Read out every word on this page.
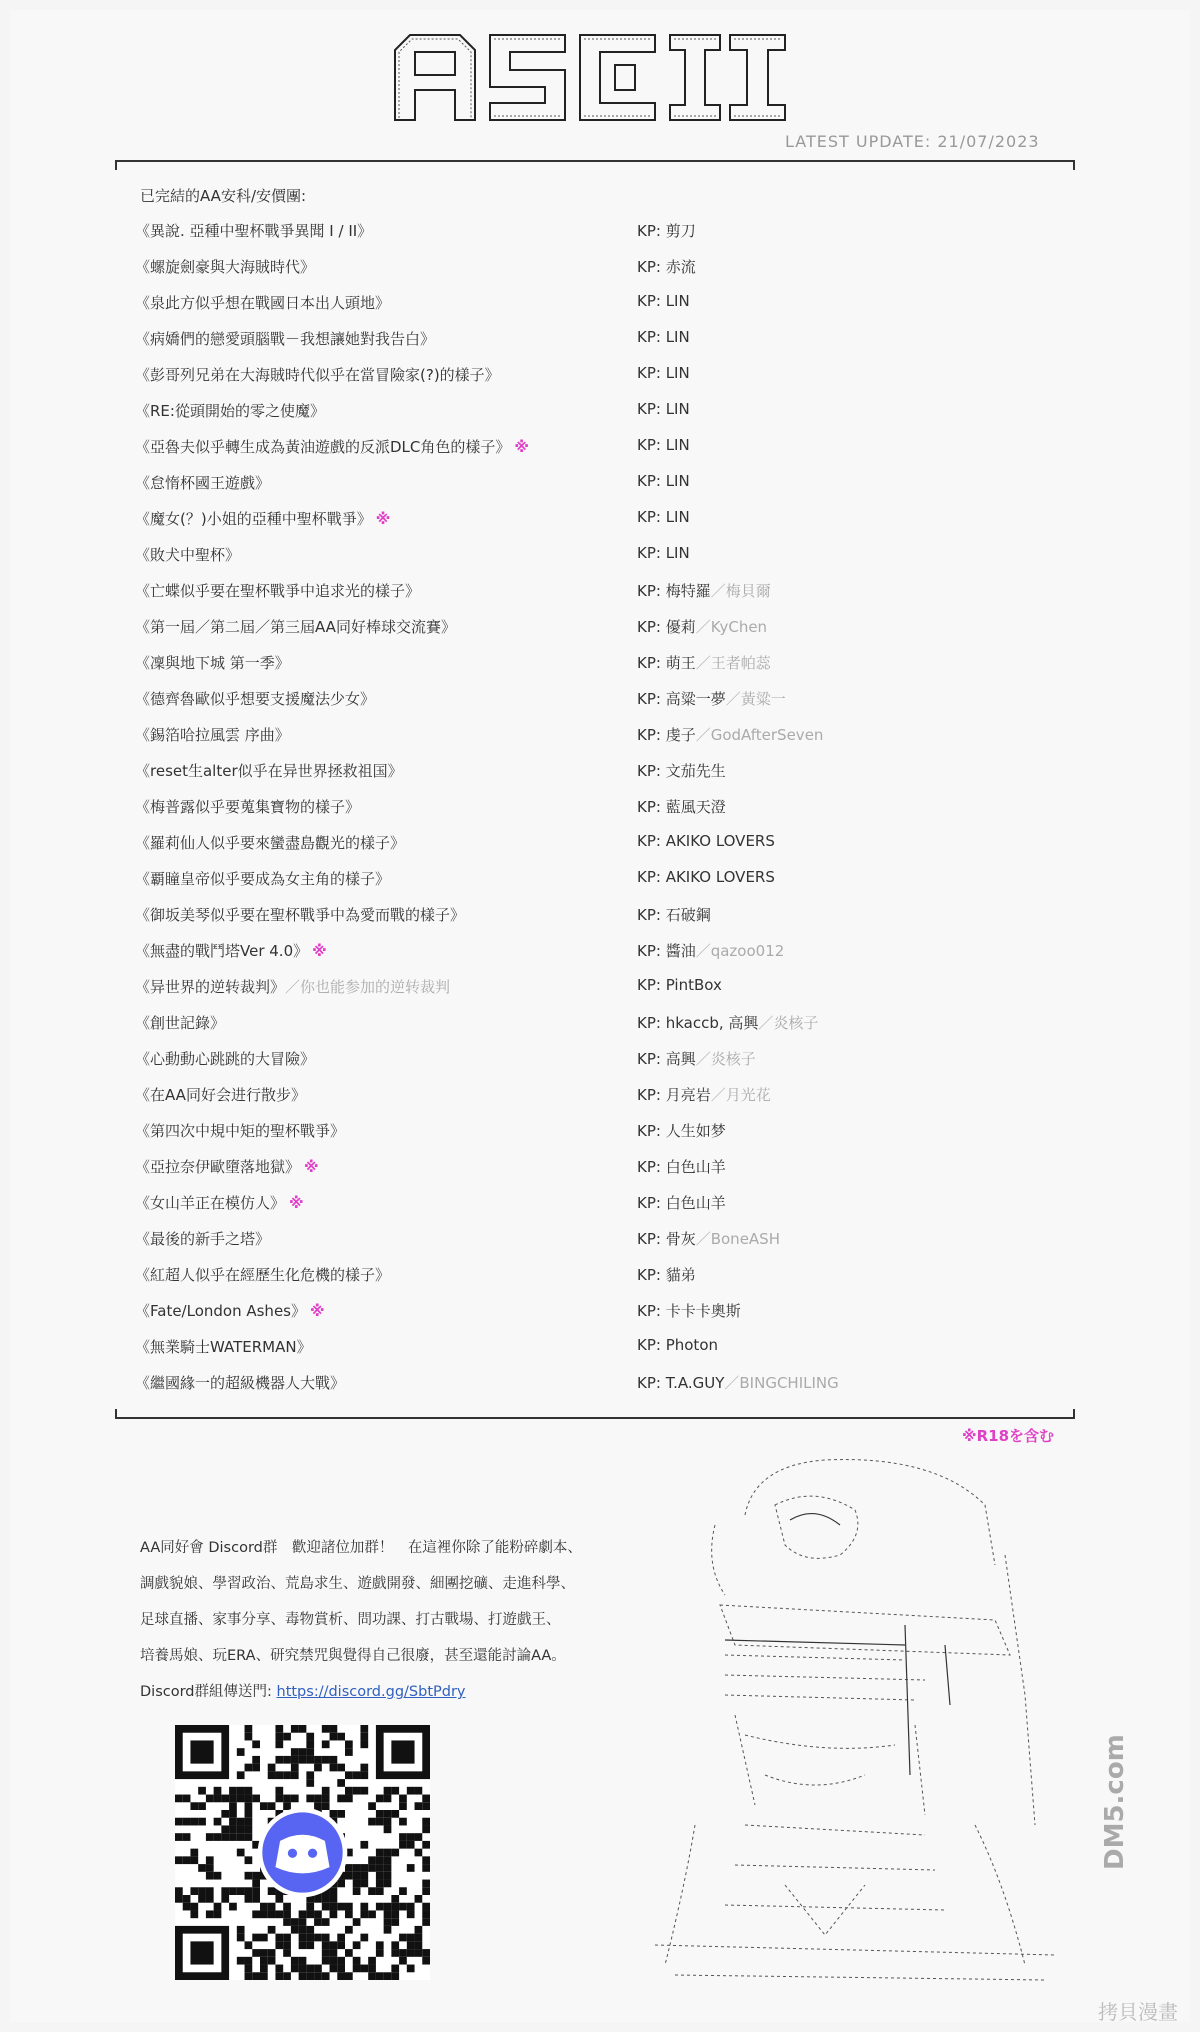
LATEST UPDATE: 21/07/2023
已完結的AA安科/安價團:
《異說. 亞種中聖杯戰爭異聞 I / II》	KP: 剪刀
《螺旋劍豪與大海賊時代》	KP: 赤流
《泉此方似乎想在戰國日本出人頭地》	KP: LIN
《病嬌們的戀愛頭腦戰－我想讓她對我告白》	KP: LIN
《彭哥列兄弟在大海賊時代似乎在當冒險家(?)的樣子》	KP: LIN
《RE:從頭開始的零之使魔》	KP: LIN
《亞魯夫似乎轉生成為黃油遊戲的反派DLC角色的樣子》 ※	KP: LIN
《怠惰杯國王遊戲》	KP: LIN
《魔女(？)小姐的亞種中聖杯戰爭》 ※	KP: LIN
《敗犬中聖杯》	KP: LIN
《亡蝶似乎要在聖杯戰爭中追求光的樣子》	KP: 梅特羅／梅貝爾
《第一屆／第二屆／第三屆AA同好棒球交流賽》	KP: 優莉／KyChen
《凜與地下城 第一季》	KP: 萌王／王者帕蕊
《德齊魯歐似乎想要支援魔法少女》	KP: 高粱一夢／黃粱一
《錫箔哈拉風雲 序曲》	KP: 虔子／GodAfterSeven
《reset生alter似乎在异世界拯救祖国》	KP: 文茄先生
《梅普露似乎要蒐集寶物的樣子》	KP: 藍風天澄
《羅莉仙人似乎要來蠻盡島觀光的樣子》	KP: AKIKO LOVERS
《覇瞳皇帝似乎要成為女主角的樣子》	KP: AKIKO LOVERS
《御坂美琴似乎要在聖杯戰爭中為愛而戰的樣子》	KP: 石破鋼
《無盡的戰鬥塔Ver 4.0》 ※	KP: 醬油／qazoo012
《异世界的逆转裁判》／你也能参加的逆转裁判	KP: PintBox
《創世記錄》	KP: hkaccb, 高興／炎核子
《心動動心跳跳的大冒險》	KP: 高興／炎核子
《在AA同好会进行散步》	KP: 月亮岩／月光花
《第四次中規中矩的聖杯戰爭》	KP: 人生如梦
《亞拉奈伊歐墮落地獄》 ※	KP: 白色山羊
《女山羊正在模仿人》 ※	KP: 白色山羊
《最後的新手之塔》	KP: 骨灰／BoneASH
《紅超人似乎在經歷生化危機的樣子》	KP: 貓弟
《Fate/London Ashes》 ※	KP: 卡卡卡奧斯
《無業騎士WATERMAN》	KP: Photon
《繼國緣一的超級機器人大戰》	KP: T.A.GUY／BINGCHILING
※R18を含む
AA同好會 Discord群　歡迎諸位加群！　在這裡你除了能粉碎劇本、
調戲貌娘、學習政治、荒島求生、遊戲開發、細團挖礦、走進科學、
足球直播、家事分享、毒物賞析、問功課、打古戰場、打遊戲王、
培養馬娘、玩ERA、研究禁咒與覺得自己很廢，甚至還能討論AA。
Discord群組傳送門: https://discord.gg/SbtPdry
DM5.com
拷貝漫畫
